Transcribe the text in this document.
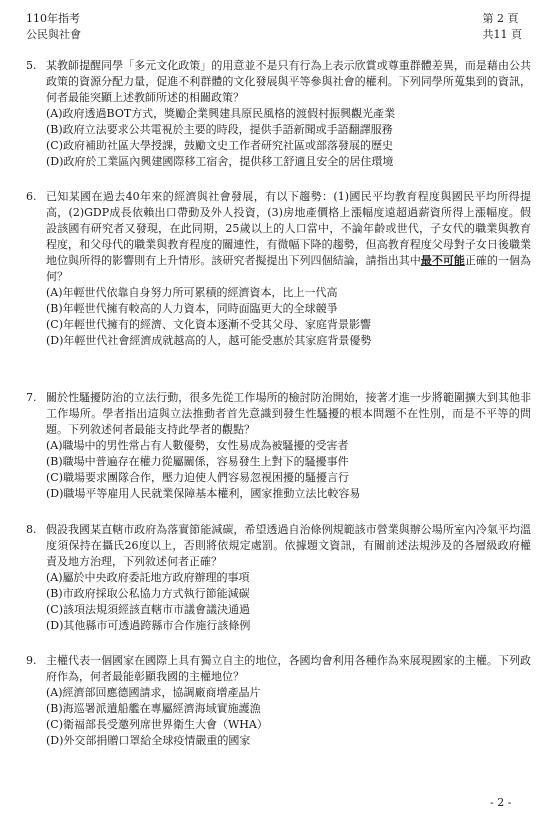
110年指考
公民與社會
第 2 頁
共11 頁
5. 某教師提醒同學「多元文化政策」的用意並不是只有行為上表示欣賞或尊重群體差異，而是藉由公共政策的資源分配力量，促進不利群體的文化發展與平等參與社會的權利。下列同學所蒐集到的資訊，何者最能突顯上述教師所述的相關政策？
(A)政府透過BOT方式，獎勵企業興建具原民風格的渡假村振興觀光產業
(B)政府立法要求公共電視於主要的時段，提供手語新聞或手語翻譯服務
(C)政府補助社區大學授課，鼓勵文史工作者研究社區或部落發展的歷史
(D)政府於工業區內興建國際移工宿舍，提供移工舒適且安全的居住環境
6. 已知某國在過去40年來的經濟與社會發展，有以下趨勢：(1)國民平均教育程度與國民平均所得提高，(2)GDP成長依賴出口帶動及外人投資，(3)房地產價格上漲幅度遠超過薪資所得上漲幅度。假設該國有研究者又發現，在此同期，25歲以上的人口當中，不論年齡或世代，子女代的職業與教育程度，和父母代的職業與教育程度的關連性，有微幅下降的趨勢，但高教育程度父母對子女日後職業地位與所得的影響則有上升情形。該研究者擬提出下列四個結論，請指出其中最不可能正確的一個為何？
(A)年輕世代依靠自身努力所可累積的經濟資本，比上一代高
(B)年輕世代擁有較高的人力資本，同時面臨更大的全球競爭
(C)年輕世代擁有的經濟、文化資本逐漸不受其父母、家庭背景影響
(D)年輕世代社會經濟成就越高的人，越可能受惠於其家庭背景優勢
7. 關於性騷擾防治的立法行動，很多先從工作場所的檢討防治開始，接著才進一步將範圍擴大到其他非工作場所。學者指出這與立法推動者首先意識到發生性騷擾的根本問題不在性別，而是不平等的問題。下列敘述何者最能支持此學者的觀點？
(A)職場中的男性常占有人數優勢，女性易成為被騷擾的受害者
(B)職場中普遍存在權力從屬關係，容易發生上對下的騷擾事件
(C)職場要求團隊合作，壓力迫使人們容易忽視困擾的騷擾言行
(D)職場平等雇用人民就業保障基本權利，國家推動立法比較容易
8. 假設我國某直轄市政府為落實節能減碳，希望透過自治條例規範該市營業與辦公場所室內冷氣平均溫度須保持在攝氏26度以上，否則將依規定處罰。依據題文資訊，有關前述法規涉及的各層級政府權責及地方治理，下列敘述何者正確？
(A)屬於中央政府委託地方政府辦理的事項
(B)市政府採取公私協力方式執行節能減碳
(C)該項法規須經該直轄市市議會議決通過
(D)其他縣市可透過跨縣市合作施行該條例
9. 主權代表一個國家在國際上具有獨立自主的地位，各國均會利用各種作為來展現國家的主權。下列政府作為，何者最能彰顯我國的主權地位？
(A)經濟部回應德國請求，協調廠商增產晶片
(B)海巡署派遣船艦在專屬經濟海域實施護漁
(C)衛福部長受邀列席世界衛生大會（WHA）
(D)外交部捐贈口罩給全球疫情嚴重的國家
- 2 -
